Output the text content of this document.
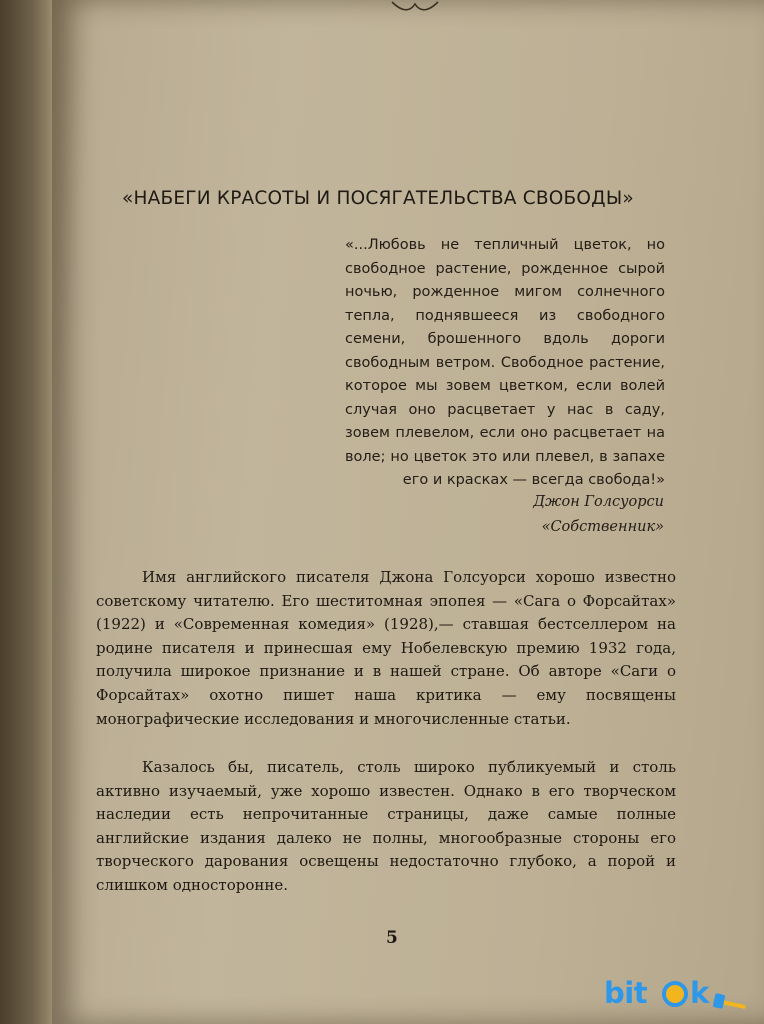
«НАБЕГИ КРАСОТЫ И ПОСЯГАТЕЛЬСТВА СВОБОДЫ»
«...Любовь не тепличный цветок, но свободное растение, рожденное сырой ночью, рожденное мигом солнечного тепла, поднявшееся из свободного семени, брошенного вдоль дороги свободным ветром. Свободное растение, которое мы зовем цветком, если волей случая оно расцветает у нас в саду, зовем плевелом, если оно расцветает на воле; но цветок это или плевел, в запахе его и красках — всегда свобода!»
Джон Голсуорси
«Собственник»
Имя английского писателя Джона Голсуорси хорошо известно советскому читателю. Его шеститомная эпопея — «Сага о Форсайтах» (1922) и «Современная комедия» (1928),— ставшая бестселлером на родине писателя и принесшая ему Нобелевскую премию 1932 года, получила широкое признание и в нашей стране. Об авторе «Саги о Форсайтах» охотно пишет наша критика — ему посвящены монографические исследования и многочисленные статьи.
Казалось бы, писатель, столь широко публикуемый и столь активно изучаемый, уже хорошо известен. Однако в его творческом наследии есть непрочитанные страницы, даже самые полные английские издания далеко не полны, многообразные стороны его творческого дарования освещены недостаточно глубоко, а порой и слишком односторонне.
5
bit k
